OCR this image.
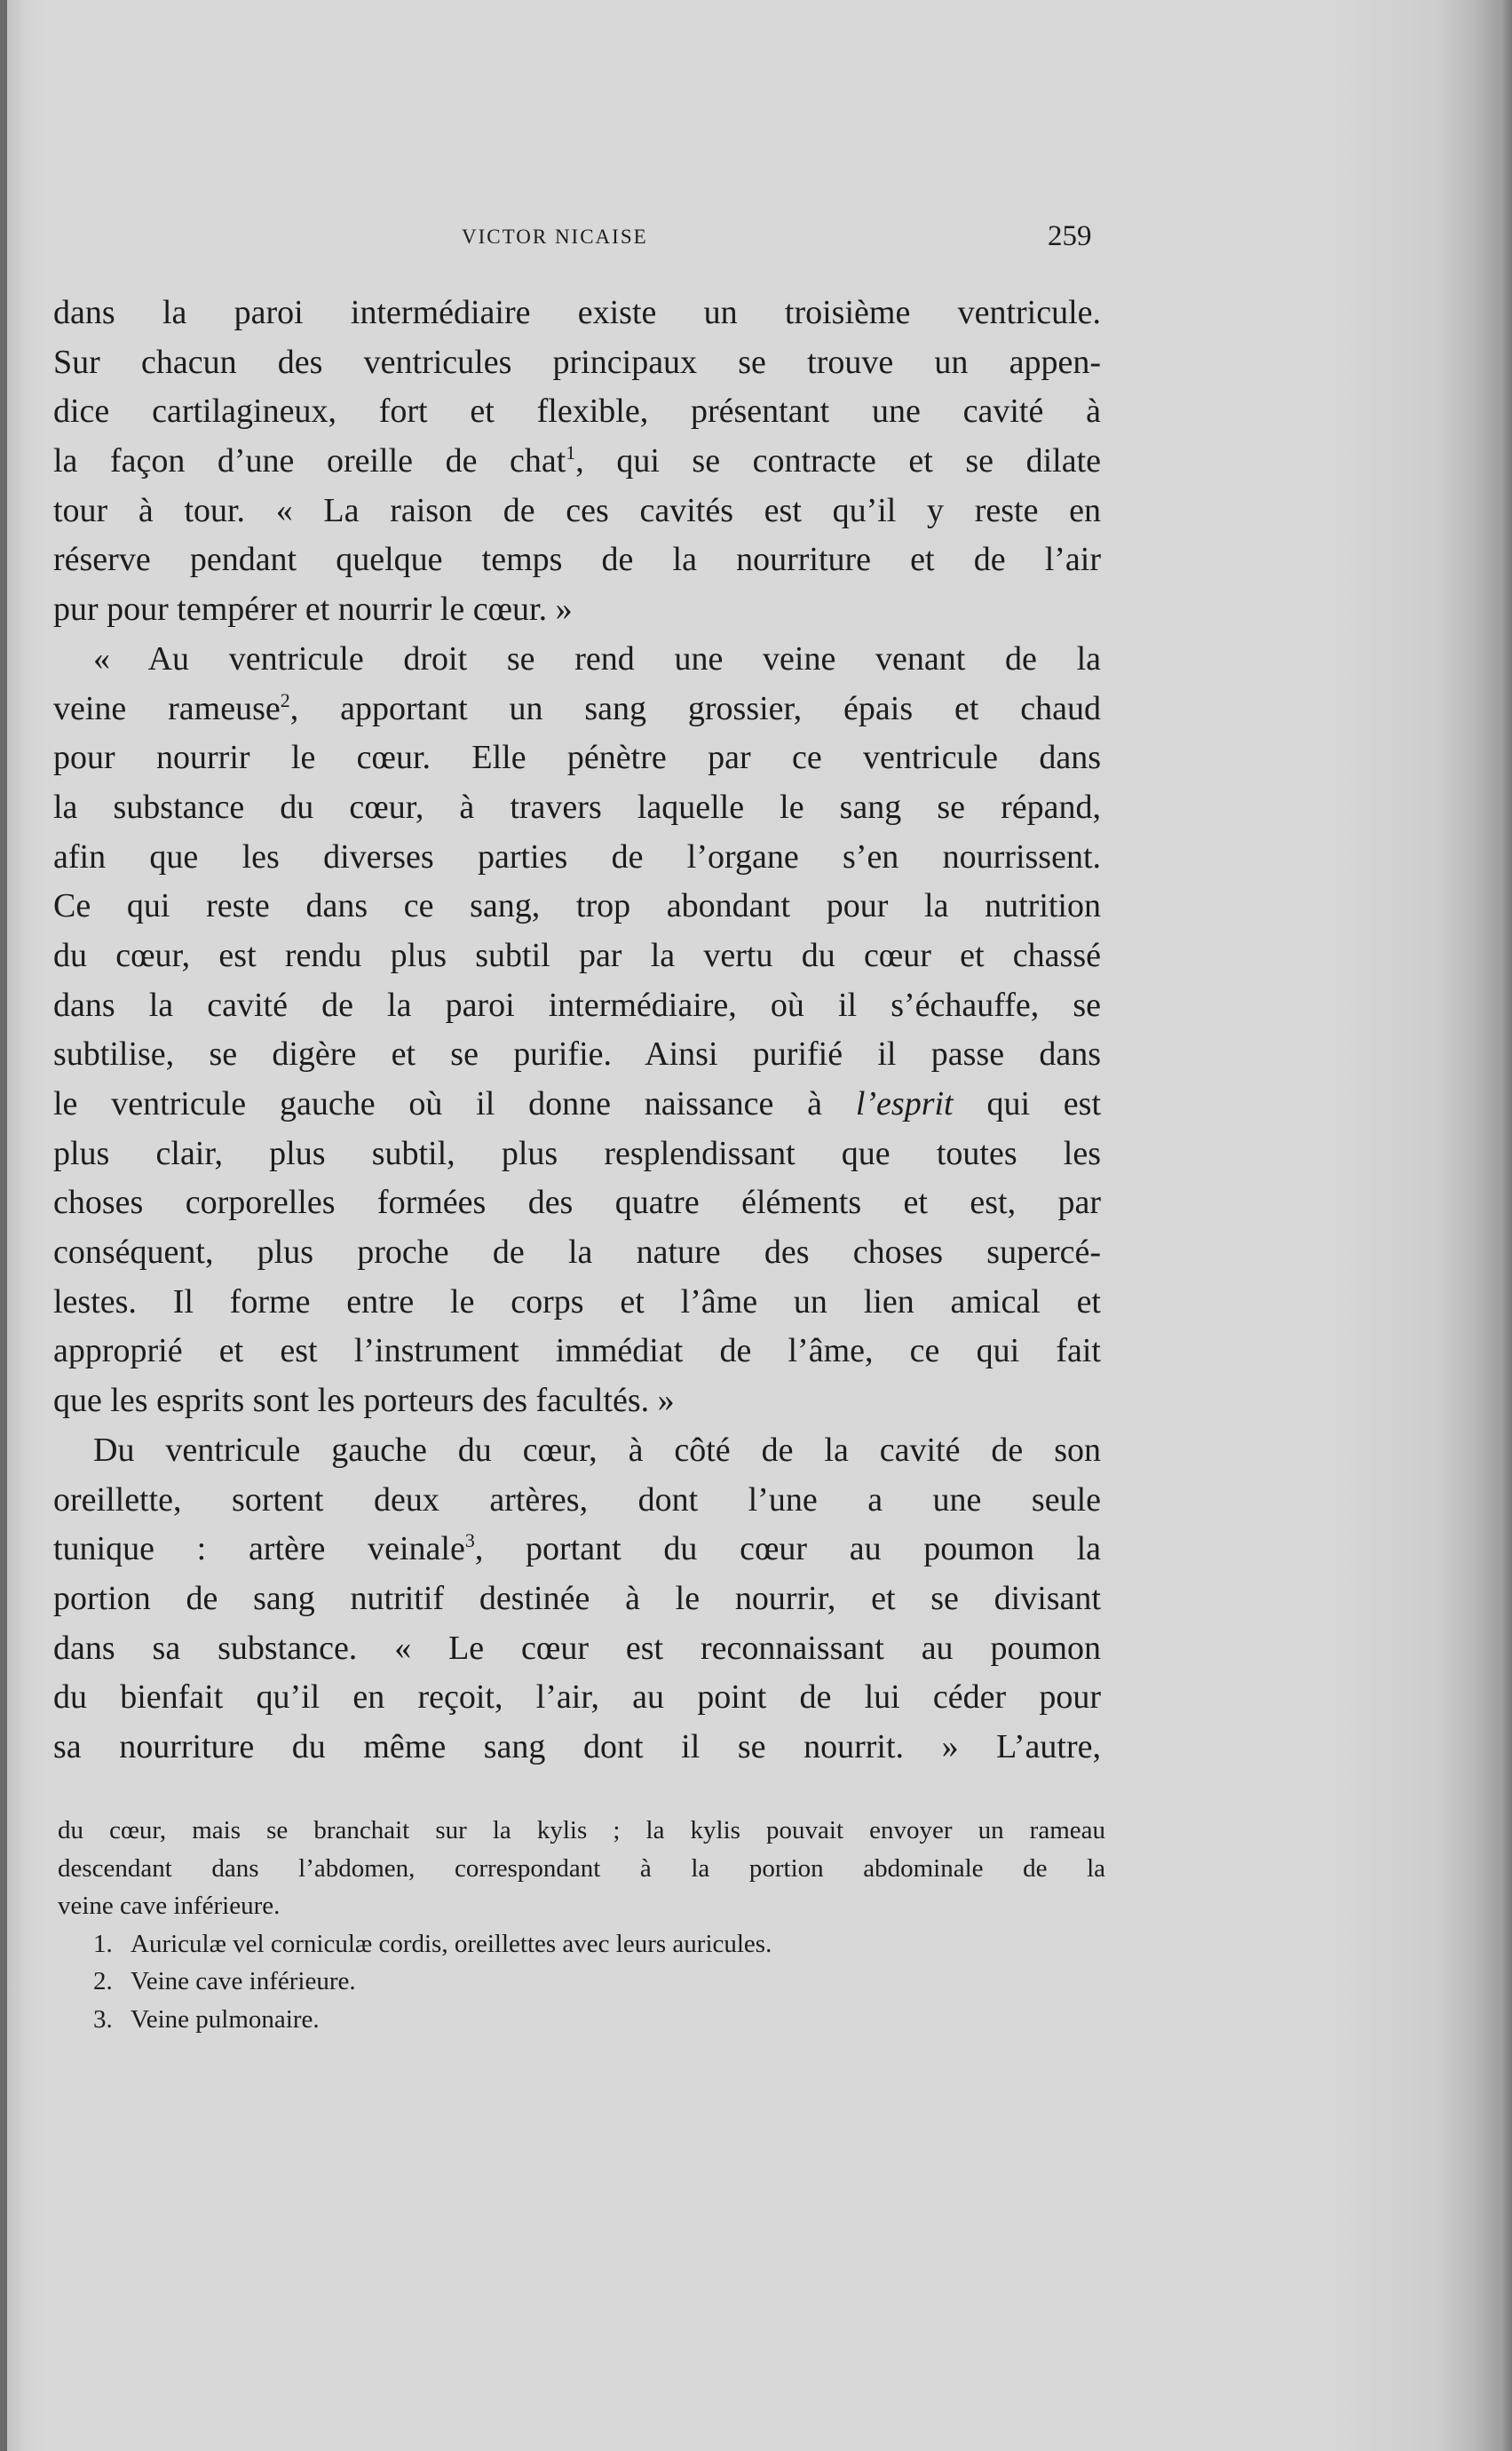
VICTOR NICAISE	259
dans la paroi intermédiaire existe un troisième ventricule.
Sur chacun des ventricules principaux se trouve un appen-
dice cartilagineux, fort et flexible, présentant une cavité à
la façon d’une oreille de chat$^1$, qui se contracte et se dilate
tour à tour. « La raison de ces cavités est qu’il y reste en
réserve pendant quelque temps de la nourriture et de l’air
pur pour tempérer et nourrir le cœur. »
« Au ventricule droit se rend une veine venant de la
veine rameuse$^2$, apportant un sang grossier, épais et chaud
pour nourrir le cœur. Elle pénètre par ce ventricule dans
la substance du cœur, à travers laquelle le sang se répand,
afin que les diverses parties de l’organe s’en nourrissent.
Ce qui reste dans ce sang, trop abondant pour la nutrition
du cœur, est rendu plus subtil par la vertu du cœur et chassé
dans la cavité de la paroi intermédiaire, où il s’échauffe, se
subtilise, se digère et se purifie. Ainsi purifié il passe dans
le ventricule gauche où il donne naissance à l’esprit qui est
plus clair, plus subtil, plus resplendissant que toutes les
choses corporelles formées des quatre éléments et est, par
conséquent, plus proche de la nature des choses supercé-
lestes. Il forme entre le corps et l’âme un lien amical et
approprié et est l’instrument immédiat de l’âme, ce qui fait
que les esprits sont les porteurs des facultés. »
Du ventricule gauche du cœur, à côté de la cavité de son
oreillette, sortent deux artères, dont l’une a une seule
tunique : artère veinale$^3$, portant du cœur au poumon la
portion de sang nutritif destinée à le nourrir, et se divisant
dans sa substance. « Le cœur est reconnaissant au poumon
du bienfait qu’il en reçoit, l’air, au point de lui céder pour
sa nourriture du même sang dont il se nourrit. » L’autre,
du cœur, mais se branchait sur la kylis ; la kylis pouvait envoyer un rameau
descendant dans l’abdomen, correspondant à la portion abdominale de la
veine cave inférieure.
1. Auriculæ vel corniculæ cordis, oreillettes avec leurs auricules.
2. Veine cave inférieure.
3. Veine pulmonaire.
